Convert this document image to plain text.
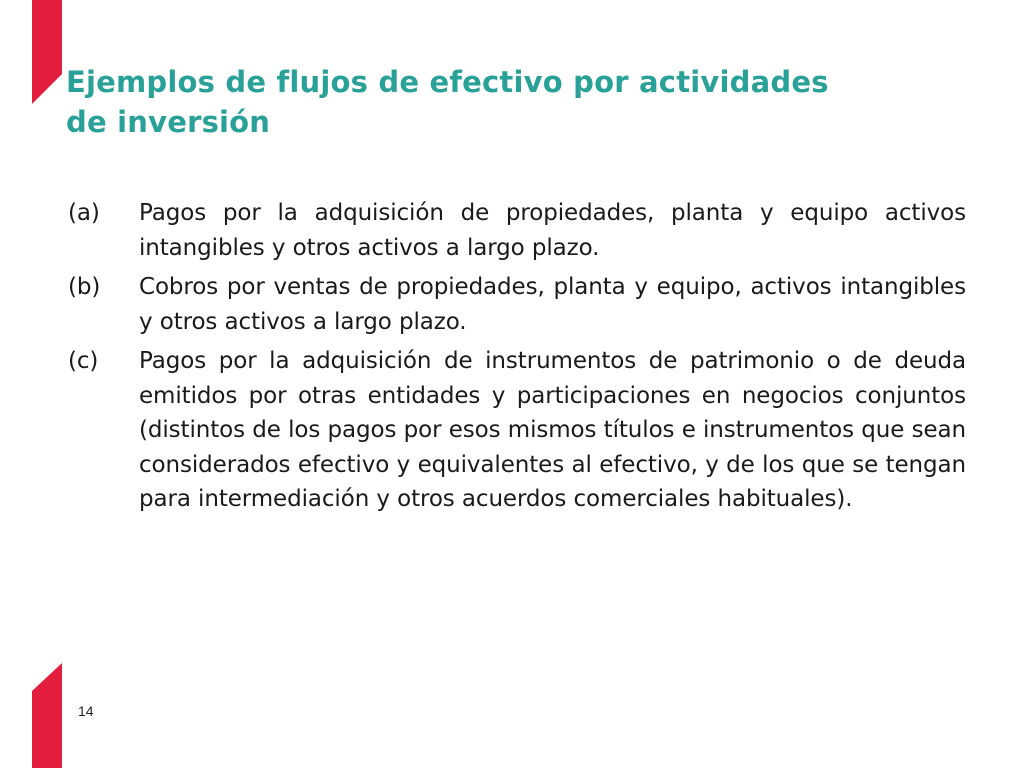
Ejemplos de flujos de efectivo por actividades
de inversión
(a) Pagos por la adquisición de propiedades, planta y equipo activos intangibles y otros activos a largo plazo.
(b) Cobros por ventas de propiedades, planta y equipo, activos intangibles y otros activos a largo plazo.
(c) Pagos por la adquisición de instrumentos de patrimonio o de deuda emitidos por otras entidades y participaciones en negocios conjuntos (distintos de los pagos por esos mismos títulos e instrumentos que sean considerados efectivo y equivalentes al efectivo, y de los que se tengan para intermediación y otros acuerdos comerciales habituales).
14
